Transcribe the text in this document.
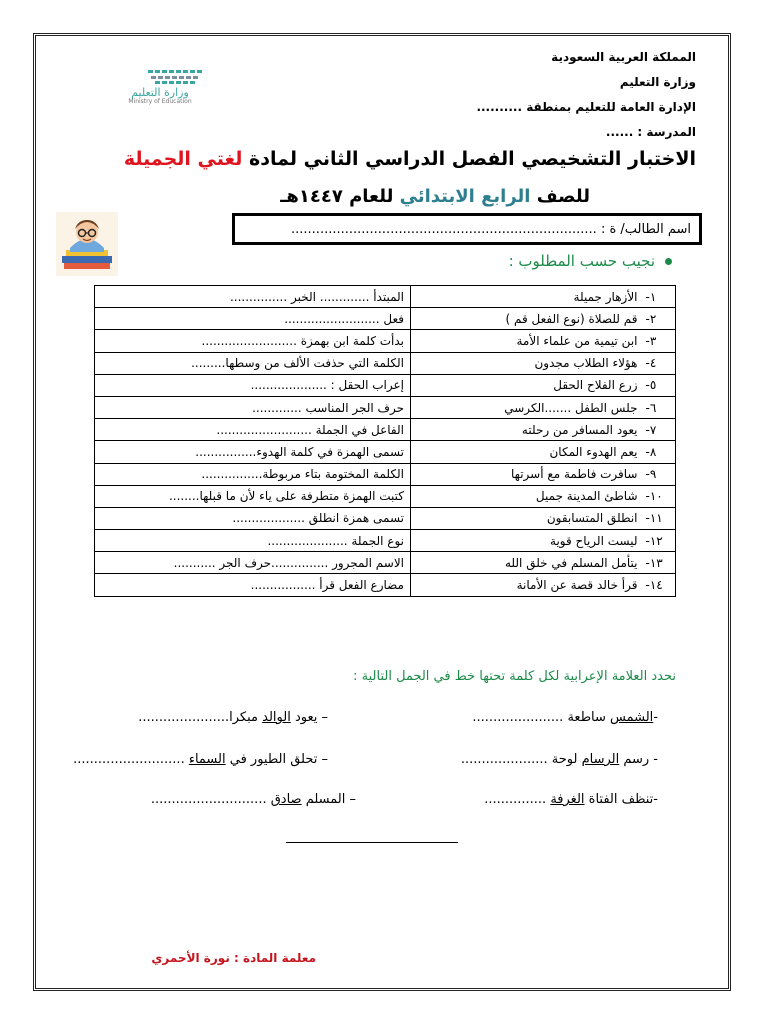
المملكة العربية السعودية
وزارة التعليم
الإدارة العامة للتعليم بمنطقة ..........
المدرسة : ......
وزارة التعليم
Ministry of Education
الاختبار التشخيصي الفصل الدراسي الثاني لمادة لغتي الجميلة
للصف الرابع الابتدائي للعام ١٤٤٧هـ
اسم الطالب/ ة : ..........................................................................
نجيب حسب المطلوب :
١-	الأزهار جميلة	المبتدأ ............. الخبر ...............
٢-	قم للصلاة (نوع الفعل قم )	فعل .........................
٣-	ابن تيمية من علماء الأمة	بدأت كلمة ابن بهمزة .........................
٤-	هؤلاء الطلاب مجدون	الكلمة التي حذفت الألف من وسطها.........
٥-	زرع الفلاح الحقل	إعراب الحقل : ....................
٦-	جلس الطفل .......الكرسي	حرف الجر المناسب .............
٧-	يعود المسافر من رحلته	الفاعل في الجملة .........................
٨-	يعم الهدوء المكان	تسمى الهمزة في كلمة الهدوء................
٩-	سافرت فاطمة مع أسرتها	الكلمة المختومة بتاء مربوطة................
١٠-	شاطئ المدينة جميل	كتبت الهمزة متطرفة على ياء لأن ما قبلها........
١١-	انطلق المتسابقون	تسمى همزة انطلق ...................
١٢-	ليست الرياح قوية	نوع الجملة .....................
١٣-	يتأمل المسلم في خلق الله	الاسم المجرور ...............حرف الجر ...........
١٤-	قرأ خالد قصة عن الأمانة	مضارع الفعل قرأ .................
نحدد العلامة الإعرابية لكل كلمة تحتها خط في الجمل التالية :
-الشمس ساطعة ......................
– يعود الوالد مبكرا......................
- رسم الرسام لوحة .....................
– تحلق الطيور في السماء ...........................
-تنظف الفتاة الغرفة ...............
– المسلم صادق ............................
معلمة المادة : نورة الأحمري
